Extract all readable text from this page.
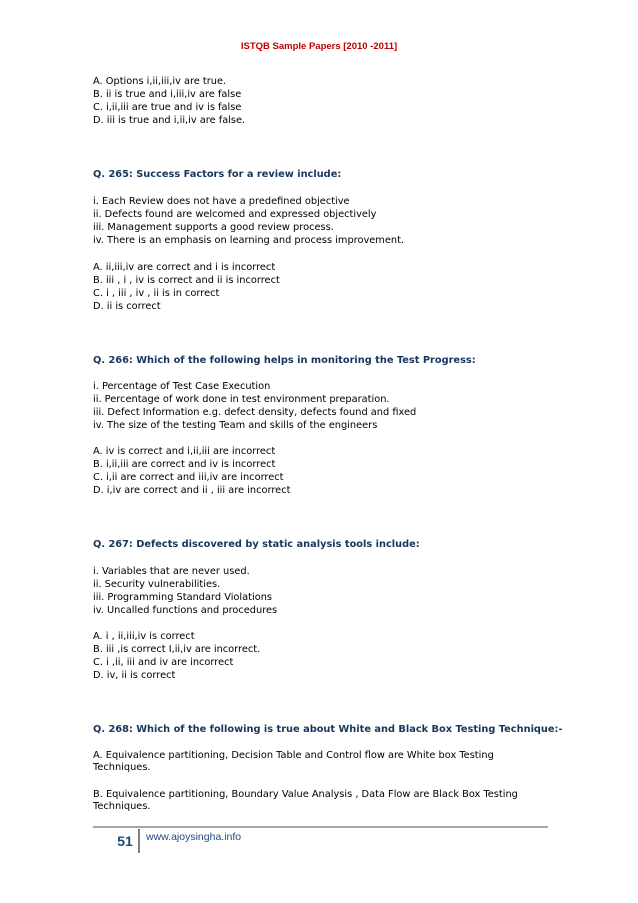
ISTQB Sample Papers [2010 -2011]
A. Options i,ii,iii,iv are true.
B. ii is true and i,iii,iv are false
C. i,ii,iii are true and iv is false
D. iii is true and i,ii,iv are false.
Q. 265: Success Factors for a review include:
i. Each Review does not have a predefined objective
ii. Defects found are welcomed and expressed objectively
iii. Management supports a good review process.
iv. There is an emphasis on learning and process improvement.
A. ii,iii,iv are correct and i is incorrect
B. iii , i , iv is correct and ii is incorrect
C. i , iii , iv , ii is in correct
D. ii is correct
Q. 266: Which of the following helps in monitoring the Test Progress:
i. Percentage of Test Case Execution
ii. Percentage of work done in test environment preparation.
iii. Defect Information e.g. defect density, defects found and fixed
iv. The size of the testing Team and skills of the engineers
A. iv is correct and i,ii,iii are incorrect
B. i,ii,iii are correct and iv is incorrect
C. i,ii are correct and iii,iv are incorrect
D. i,iv are correct and ii , iii are incorrect
Q. 267: Defects discovered by static analysis tools include:
i. Variables that are never used.
ii. Security vulnerabilities.
iii. Programming Standard Violations
iv. Uncalled functions and procedures
A. i , ii,iii,iv is correct
B. iii ,is correct I,ii,iv are incorrect.
C. i ,ii, iii and iv are incorrect
D. iv, ii is correct
Q. 268: Which of the following is true about White and Black Box Testing Technique:-
A. Equivalence partitioning, Decision Table and Control flow are White box Testing Techniques.
B. Equivalence partitioning, Boundary Value Analysis , Data Flow are Black Box Testing Techniques.
51	www.ajoysingha.info
